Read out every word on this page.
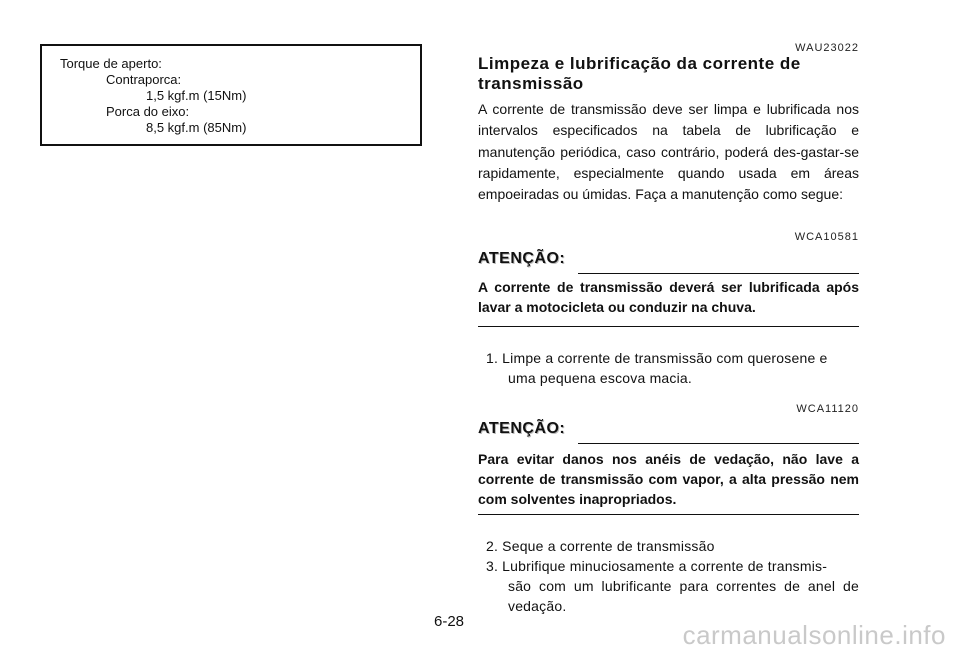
Torque de aperto:
Contraporca:
1,5 kgf.m (15Nm)
Porca do eixo:
8,5 kgf.m (85Nm)
WAU23022
Limpeza e lubrificação da corrente de
transmissão
A corrente de transmissão deve ser limpa e lubrificada nos intervalos especificados na tabela de lubrificação e manutenção periódica, caso contrário, poderá des-gastar-se rapidamente, especialmente quando usada em áreas empoeiradas ou úmidas. Faça a manutenção como segue:
WCA10581
ATENÇÃO:
A corrente de transmissão deverá ser lubrificada após lavar a motocicleta ou conduzir na chuva.
1. Limpe a corrente de transmissão com querosene e
uma pequena escova macia.
WCA11120
ATENÇÃO:
Para evitar danos nos anéis de vedação, não lave a corrente de transmissão com vapor, a alta pressão nem com solventes inapropriados.
2. Seque a corrente de transmissão
3. Lubrifique minuciosamente a corrente de transmis-
são com um lubrificante para correntes de anel de vedação.
6-28	carmanualsonline.info
